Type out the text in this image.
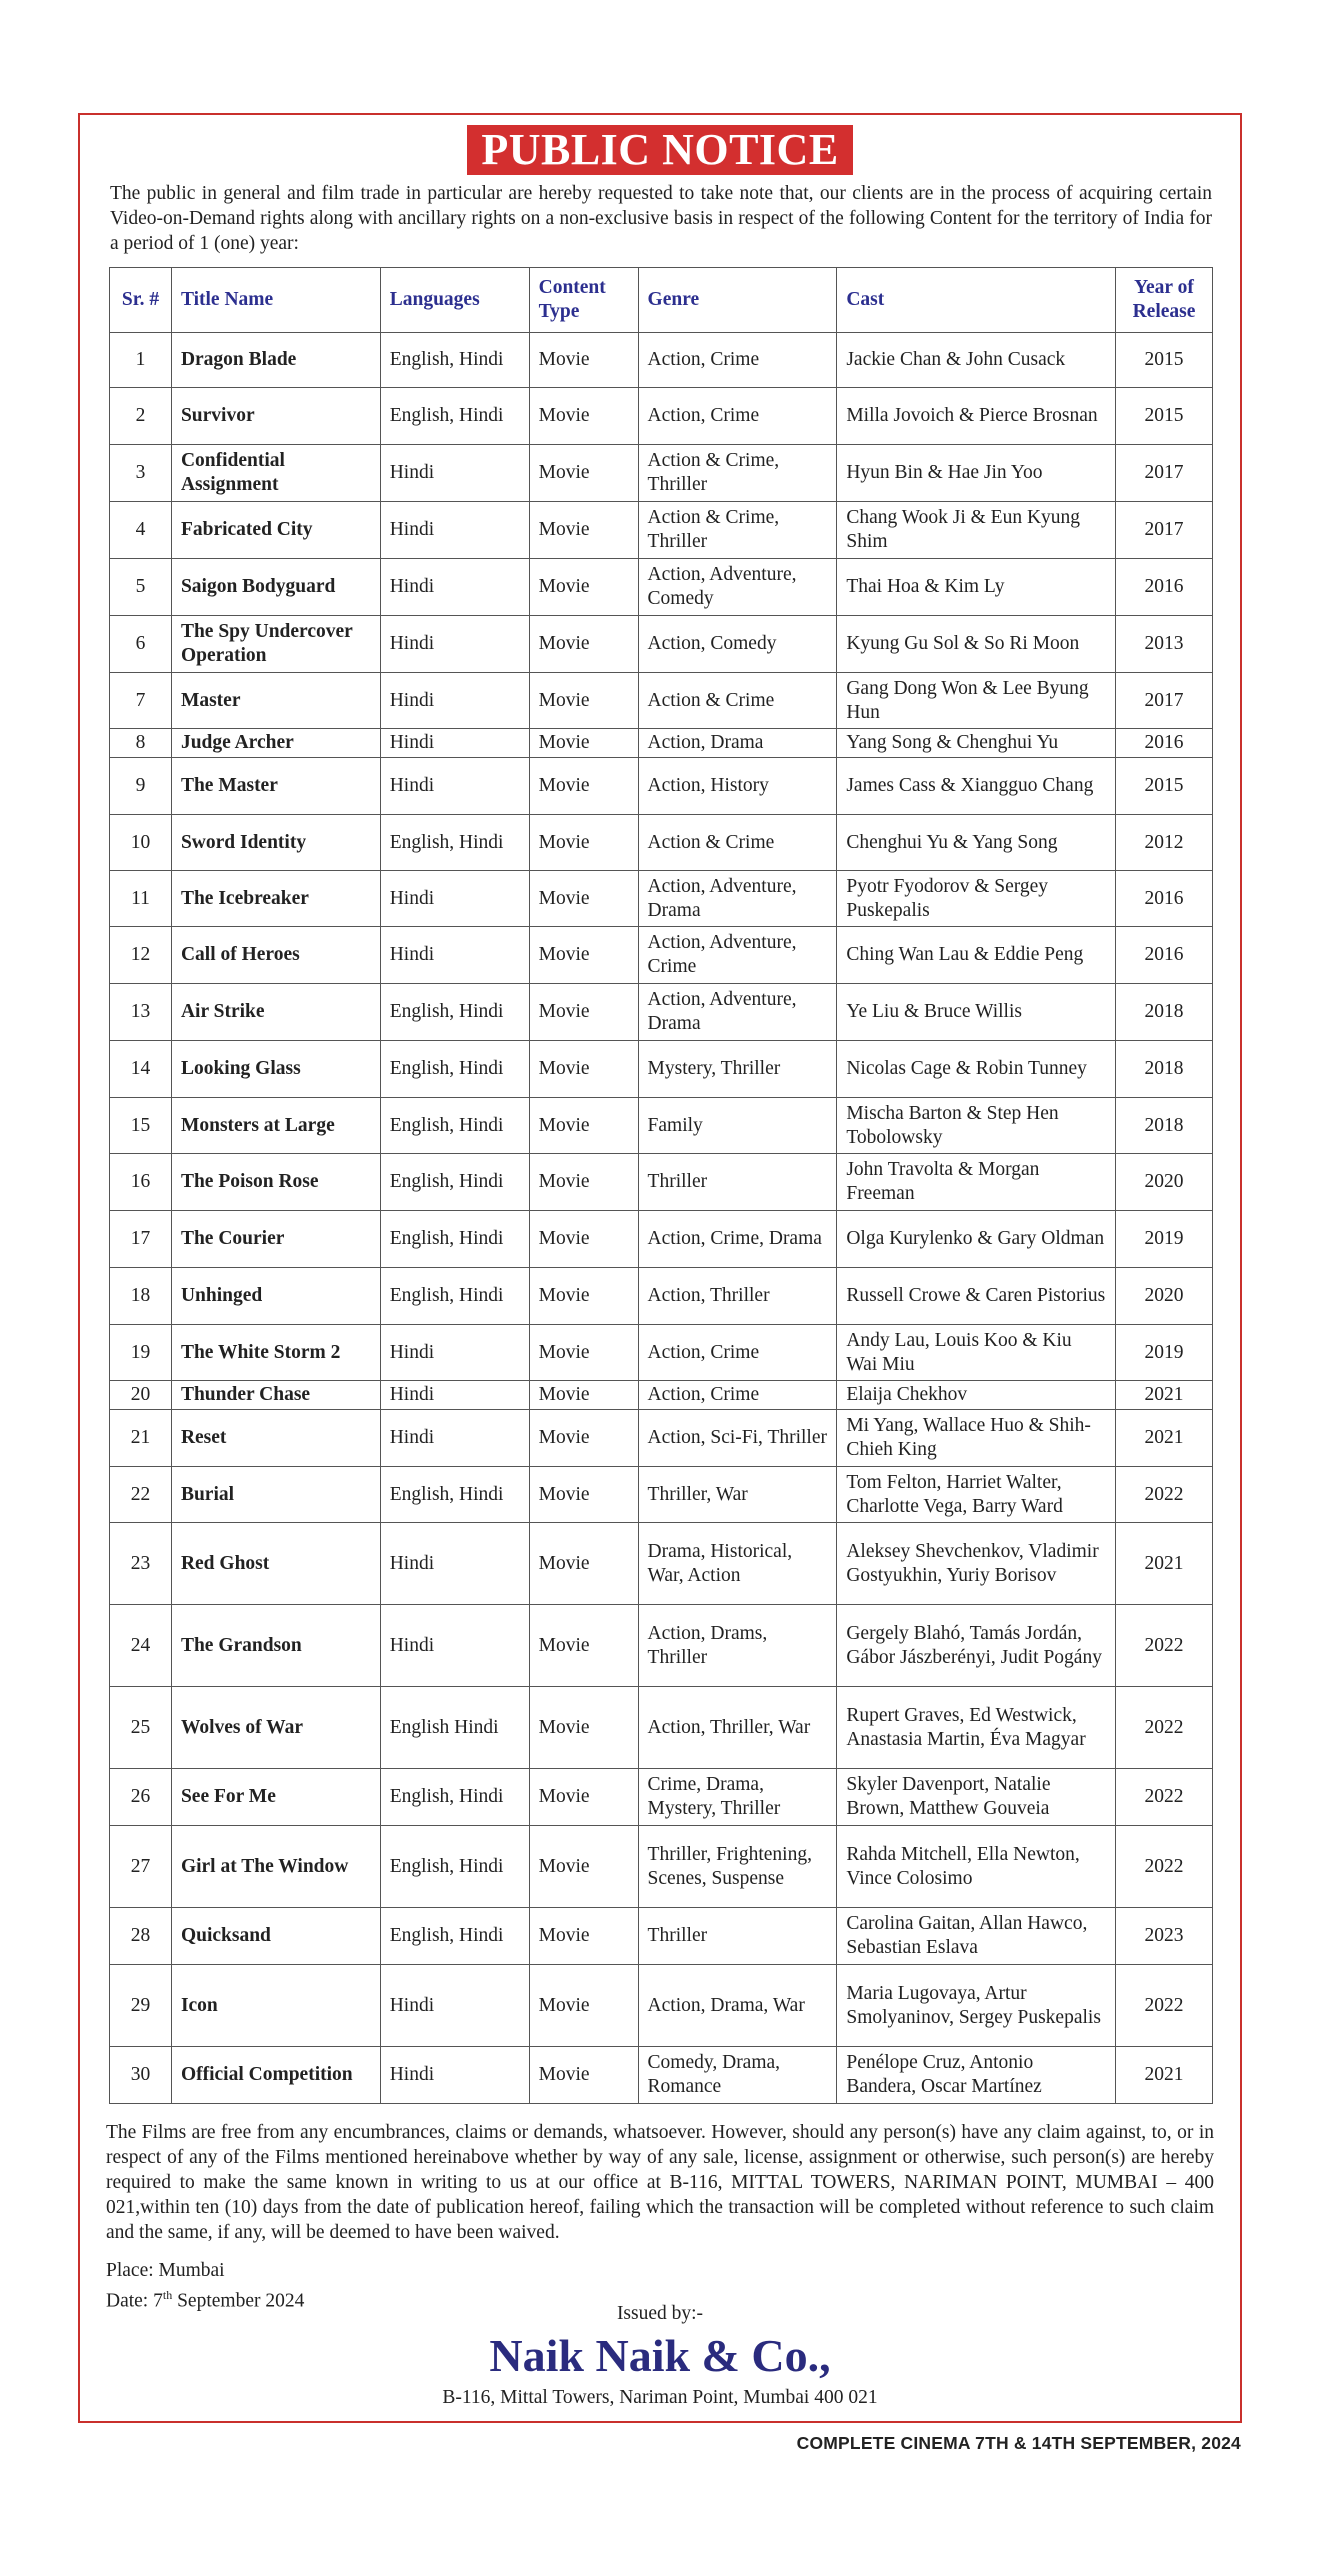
PUBLIC NOTICE
The public in general and film trade in particular are hereby requested to take note that, our clients are in the process of acquiring certain Video-on-Demand rights along with ancillary rights on a non-exclusive basis in respect of the following Content for the territory of India for a period of 1 (one) year:
Sr. #	Title Name	Languages	Content Type	Genre	Cast	Year of Release
1	Dragon Blade	English, Hindi	Movie	Action, Crime	Jackie Chan & John Cusack	2015
2	Survivor	English, Hindi	Movie	Action, Crime	Milla Jovoich & Pierce Brosnan	2015
3	Confidential Assignment	Hindi	Movie	Action & Crime, Thriller	Hyun Bin & Hae Jin Yoo	2017
4	Fabricated City	Hindi	Movie	Action & Crime, Thriller	Chang Wook Ji & Eun Kyung Shim	2017
5	Saigon Bodyguard	Hindi	Movie	Action, Adventure, Comedy	Thai Hoa & Kim Ly	2016
6	The Spy Undercover Operation	Hindi	Movie	Action, Comedy	Kyung Gu Sol & So Ri Moon	2013
7	Master	Hindi	Movie	Action & Crime	Gang Dong Won & Lee Byung Hun	2017
8	Judge Archer	Hindi	Movie	Action, Drama	Yang Song & Chenghui Yu	2016
9	The Master	Hindi	Movie	Action, History	James Cass & Xiangguo Chang	2015
10	Sword Identity	English, Hindi	Movie	Action & Crime	Chenghui Yu & Yang Song	2012
11	The Icebreaker	Hindi	Movie	Action, Adventure, Drama	Pyotr Fyodorov & Sergey Puskepalis	2016
12	Call of Heroes	Hindi	Movie	Action, Adventure, Crime	Ching Wan Lau & Eddie Peng	2016
13	Air Strike	English, Hindi	Movie	Action, Adventure, Drama	Ye Liu & Bruce Willis	2018
14	Looking Glass	English, Hindi	Movie	Mystery, Thriller	Nicolas Cage & Robin Tunney	2018
15	Monsters at Large	English, Hindi	Movie	Family	Mischa Barton & Step Hen Tobolowsky	2018
16	The Poison Rose	English, Hindi	Movie	Thriller	John Travolta & Morgan Freeman	2020
17	The Courier	English, Hindi	Movie	Action, Crime, Drama	Olga Kurylenko & Gary Oldman	2019
18	Unhinged	English, Hindi	Movie	Action, Thriller	Russell Crowe & Caren Pistorius	2020
19	The White Storm 2	Hindi	Movie	Action, Crime	Andy Lau, Louis Koo & Kiu Wai Miu	2019
20	Thunder Chase	Hindi	Movie	Action, Crime	Elaija Chekhov	2021
21	Reset	Hindi	Movie	Action, Sci-Fi, Thriller	Mi Yang, Wallace Huo & Shih-Chieh King	2021
22	Burial	English, Hindi	Movie	Thriller, War	Tom Felton, Harriet Walter, Charlotte Vega, Barry Ward	2022
23	Red Ghost	Hindi	Movie	Drama, Historical, War, Action	Aleksey Shevchenkov, Vladimir Gostyukhin, Yuriy Borisov	2021
24	The Grandson	Hindi	Movie	Action, Drams, Thriller	Gergely Blahó, Tamás Jordán, Gábor Jászberényi, Judit Pogány	2022
25	Wolves of War	English Hindi	Movie	Action, Thriller, War	Rupert Graves, Ed Westwick, Anastasia Martin, Éva Magyar	2022
26	See For Me	English, Hindi	Movie	Crime, Drama, Mystery, Thriller	Skyler Davenport, Natalie Brown, Matthew Gouveia	2022
27	Girl at The Window	English, Hindi	Movie	Thriller, Frightening, Scenes, Suspense	Rahda Mitchell, Ella Newton, Vince Colosimo	2022
28	Quicksand	English, Hindi	Movie	Thriller	Carolina Gaitan, Allan Hawco, Sebastian Eslava	2023
29	Icon	Hindi	Movie	Action, Drama, War	Maria Lugovaya, Artur Smolyaninov, Sergey Puskepalis	2022
30	Official Competition	Hindi	Movie	Comedy, Drama, Romance	Penélope Cruz, Antonio Bandera, Oscar Martínez	2021
The Films are free from any encumbrances, claims or demands, whatsoever. However, should any person(s) have any claim against, to, or in respect of any of the Films mentioned hereinabove whether by way of any sale, license, assignment or otherwise, such person(s) are hereby required to make the same known in writing to us at our office at B-116, MITTAL TOWERS, NARIMAN POINT, MUMBAI – 400 021,within ten (10) days from the date of publication hereof, failing which the transaction will be completed without reference to such claim and the same, if any, will be deemed to have been waived.
Place: Mumbai
Date: 7th September 2024
Issued by:-
Naik Naik & Co.,
B-116, Mittal Towers, Nariman Point, Mumbai 400 021
COMPLETE CINEMA 7TH & 14TH SEPTEMBER, 2024
